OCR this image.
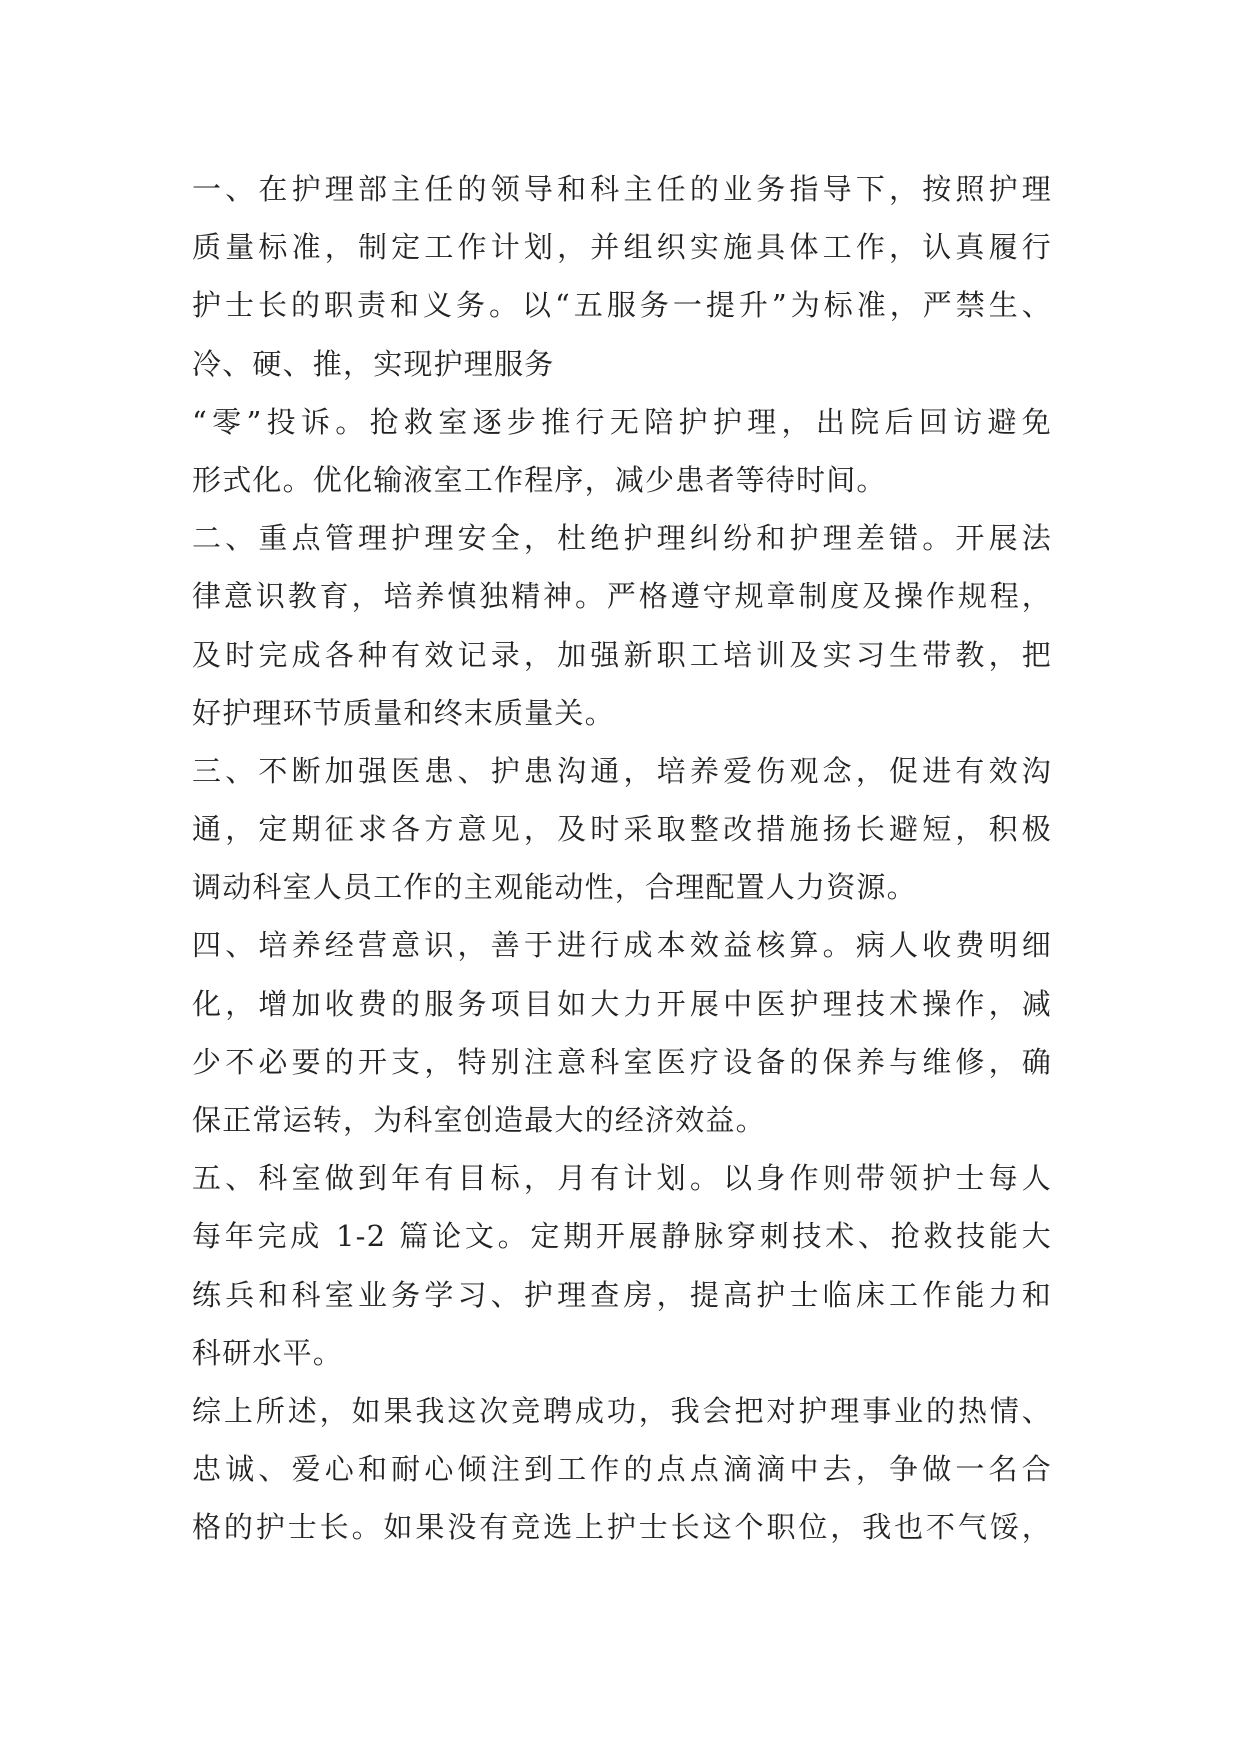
一、在护理部主任的领导和科主任的业务指导下，按照护理
质量标准，制定工作计划，并组织实施具体工作，认真履行
护士长的职责和义务。以“五服务一提升”为标准，严禁生、
冷、硬、推，实现护理服务
“零”投诉。抢救室逐步推行无陪护护理，出院后回访避免
形式化。优化输液室工作程序，减少患者等待时间。
二、重点管理护理安全，杜绝护理纠纷和护理差错。开展法
律意识教育，培养慎独精神。严格遵守规章制度及操作规程，
及时完成各种有效记录，加强新职工培训及实习生带教，把
好护理环节质量和终末质量关。
三、不断加强医患、护患沟通，培养爱伤观念，促进有效沟
通，定期征求各方意见，及时采取整改措施扬长避短，积极
调动科室人员工作的主观能动性，合理配置人力资源。
四、培养经营意识，善于进行成本效益核算。病人收费明细
化，增加收费的服务项目如大力开展中医护理技术操作，减
少不必要的开支，特别注意科室医疗设备的保养与维修，确
保正常运转，为科室创造最大的经济效益。
五、科室做到年有目标，月有计划。以身作则带领护士每人
每年完成 1-2 篇论文。定期开展静脉穿刺技术、抢救技能大
练兵和科室业务学习、护理查房，提高护士临床工作能力和
科研水平。
综上所述，如果我这次竞聘成功，我会把对护理事业的热情、
忠诚、爱心和耐心倾注到工作的点点滴滴中去，争做一名合
格的护士长。如果没有竞选上护士长这个职位，我也不气馁，
